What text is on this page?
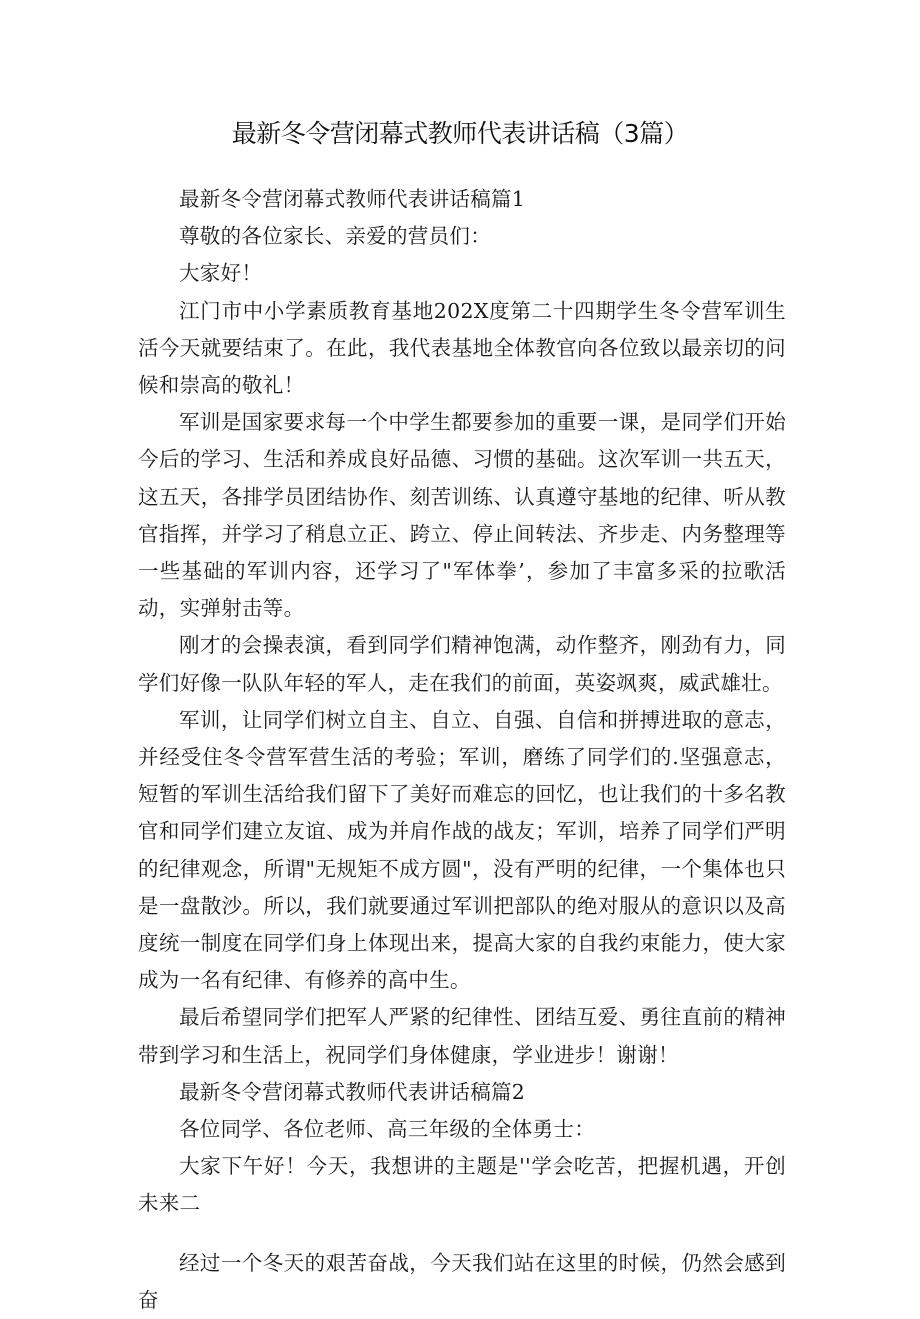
最新冬令营闭幕式教师代表讲话稿（3篇）

最新冬令营闭幕式教师代表讲话稿篇1

尊敬的各位家长、亲爱的营员们：

大家好！

江门市中小学素质教育基地202X度第二十四期学生冬令营军训生活今天就要结束了。在此，我代表基地全体教官向各位致以最亲切的问候和崇高的敬礼！

军训是国家要求每一个中学生都要参加的重要一课，是同学们开始今后的学习、生活和养成良好品德、习惯的基础。这次军训一共五天，这五天，各排学员团结协作、刻苦训练、认真遵守基地的纪律、听从教官指挥，并学习了稍息立正、跨立、停止间转法、齐步走、内务整理等一些基础的军训内容，还学习了"军体拳’，参加了丰富多采的拉歌活动，实弹射击等。

刚才的会操表演，看到同学们精神饱满，动作整齐，刚劲有力，同学们好像一队队年轻的军人，走在我们的前面，英姿飒爽，威武雄壮。

军训，让同学们树立自主、自立、自强、自信和拼搏进取的意志，并经受住冬令营军营生活的考验；军训，磨练了同学们的.坚强意志，短暂的军训生活给我们留下了美好而难忘的回忆，也让我们的十多名教官和同学们建立友谊、成为并肩作战的战友；军训，培养了同学们严明的纪律观念，所谓"无规矩不成方圆"，没有严明的纪律，一个集体也只是一盘散沙。所以，我们就要通过军训把部队的绝对服从的意识以及高度统一制度在同学们身上体现出来，提高大家的自我约束能力，使大家成为一名有纪律、有修养的高中生。

最后希望同学们把军人严紧的纪律性、团结互爱、勇往直前的精神带到学习和生活上，祝同学们身体健康，学业进步！谢谢！

最新冬令营闭幕式教师代表讲话稿篇2

各位同学、各位老师、高三年级的全体勇士：

大家下午好！今天，我想讲的主题是''学会吃苦，把握机遇，开创未来二

经过一个冬天的艰苦奋战，今天我们站在这里的时候，仍然会感到奋
